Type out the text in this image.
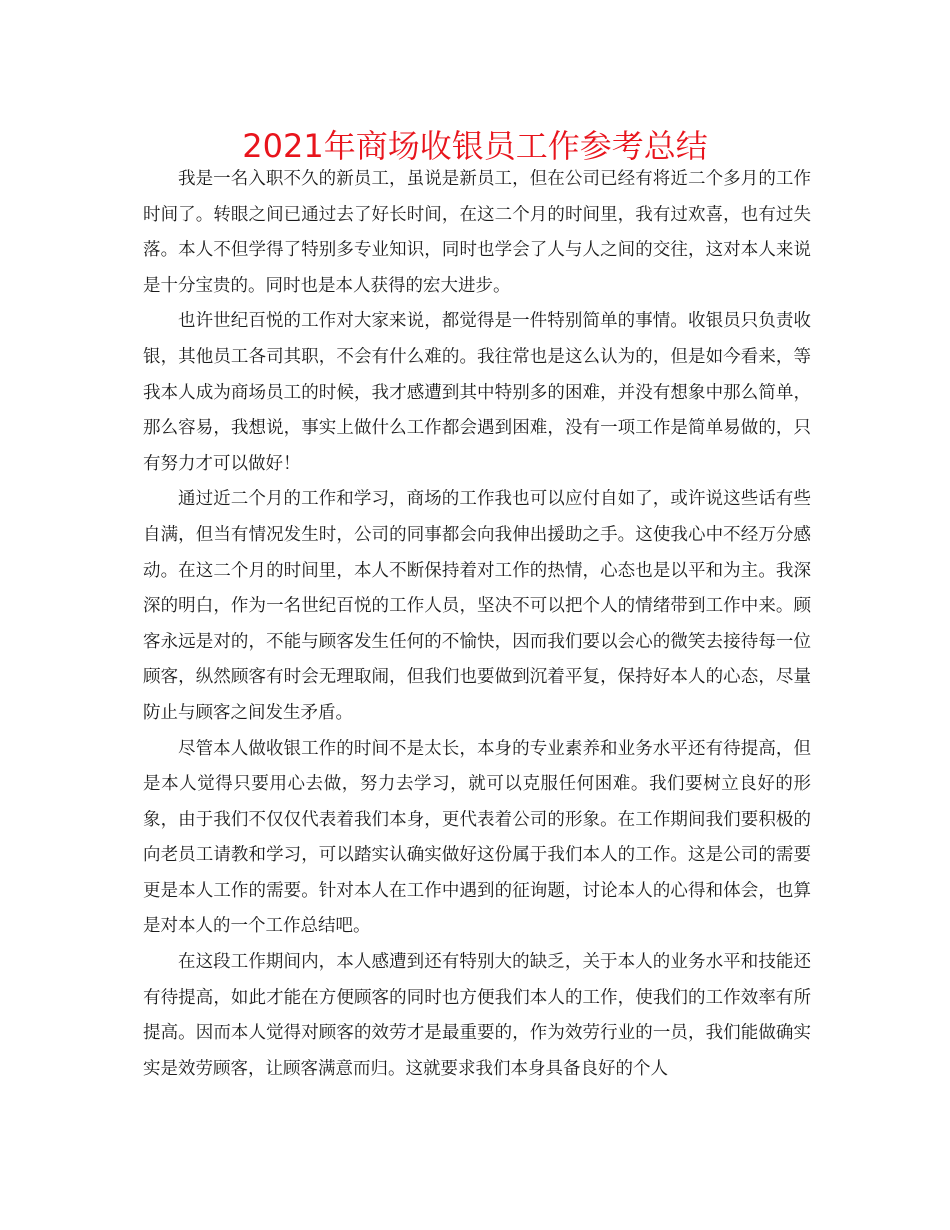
2021年商场收银员工作参考总结

我是一名入职不久的新员工，虽说是新员工，但在公司已经有将近二个多月的工作时间了。转眼之间已通过去了好长时间，在这二个月的时间里，我有过欢喜，也有过失落。本人不但学得了特别多专业知识，同时也学会了人与人之间的交往，这对本人来说是十分宝贵的。同时也是本人获得的宏大进步。

也许世纪百悦的工作对大家来说，都觉得是一件特别简单的事情。收银员只负责收银，其他员工各司其职，不会有什么难的。我往常也是这么认为的，但是如今看来，等我本人成为商场员工的时候，我才感遭到其中特别多的困难，并没有想象中那么简单，那么容易，我想说，事实上做什么工作都会遇到困难，没有一项工作是简单易做的，只有努力才可以做好！

通过近二个月的工作和学习，商场的工作我也可以应付自如了，或许说这些话有些自满，但当有情况发生时，公司的同事都会向我伸出援助之手。这使我心中不经万分感动。在这二个月的时间里，本人不断保持着对工作的热情，心态也是以平和为主。我深深的明白，作为一名世纪百悦的工作人员，坚决不可以把个人的情绪带到工作中来。顾客永远是对的，不能与顾客发生任何的不愉快，因而我们要以会心的微笑去接待每一位顾客，纵然顾客有时会无理取闹，但我们也要做到沉着平复，保持好本人的心态，尽量防止与顾客之间发生矛盾。

尽管本人做收银工作的时间不是太长，本身的专业素养和业务水平还有待提高，但是本人觉得只要用心去做，努力去学习，就可以克服任何困难。我们要树立良好的形象，由于我们不仅仅代表着我们本身，更代表着公司的形象。在工作期间我们要积极的向老员工请教和学习，可以踏实认确实做好这份属于我们本人的工作。这是公司的需要更是本人工作的需要。针对本人在工作中遇到的征询题，讨论本人的心得和体会，也算是对本人的一个工作总结吧。

在这段工作期间内，本人感遭到还有特别大的缺乏，关于本人的业务水平和技能还有待提高，如此才能在方便顾客的同时也方便我们本人的工作，使我们的工作效率有所提高。因而本人觉得对顾客的效劳才是最重要的，作为效劳行业的一员，我们能做确实实是效劳顾客，让顾客满意而归。这就要求我们本身具备良好的个人
